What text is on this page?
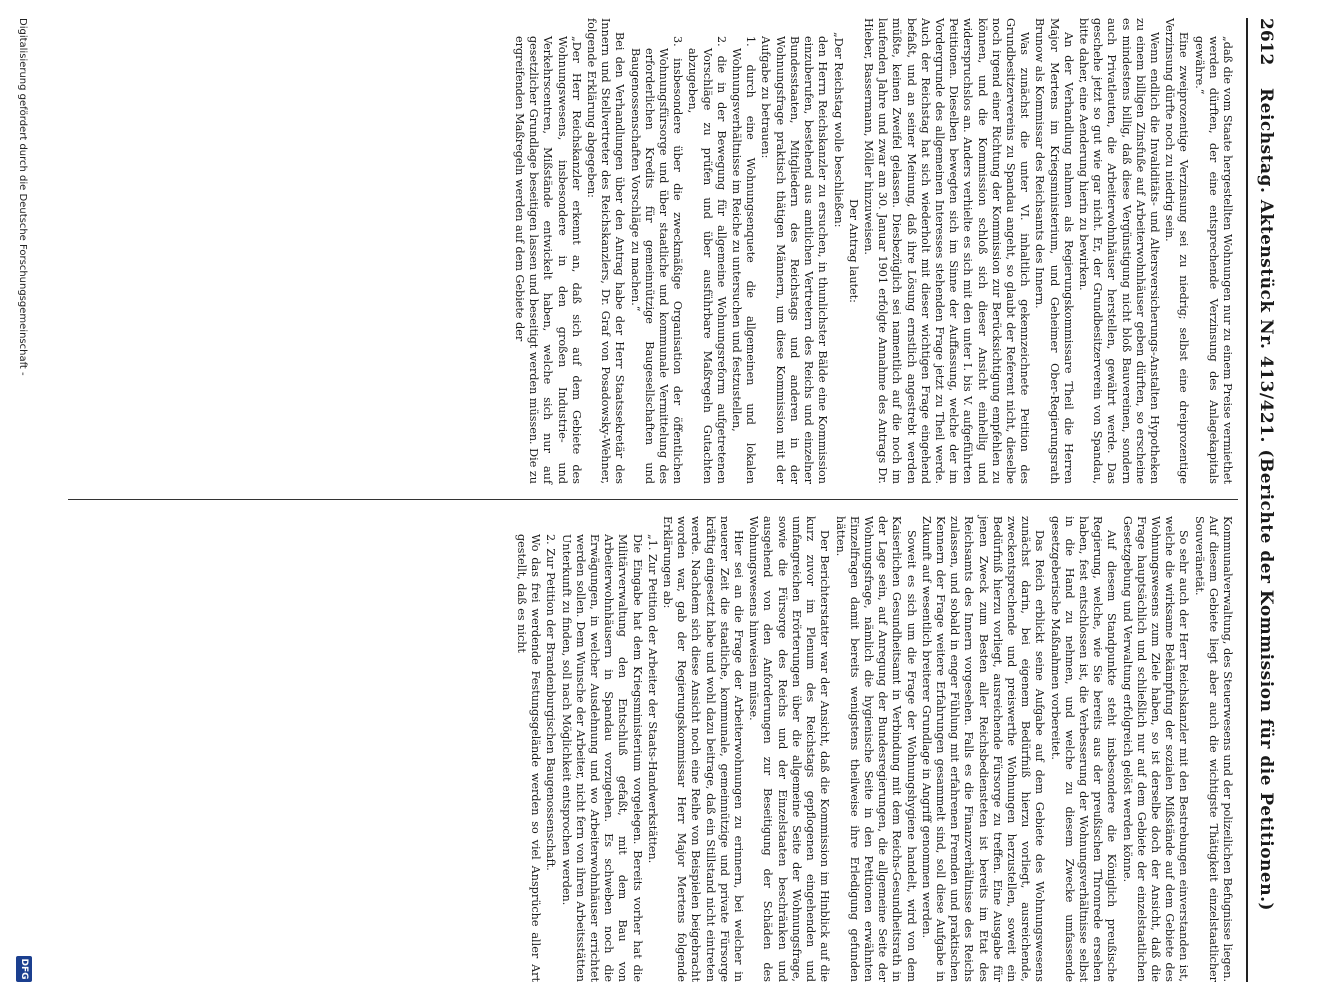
2612
Reichstag. Aktenstück Nr. 413/421. (Berichte der Kommission für die Petitionen.)

„daß die vom Staate hergestellten Wohnungen nur zu einem Preise vermiethet werden dürften, der eine entsprechende Verzinsung des Anlagekapitals gewähre.“

Eine zweiprozentige Verzinsung sei zu niedrig; selbst eine dreiprozentige Verzinsung dürfte noch zu niedrig sein.

Wenn endlich die Invaliditäts- und Altersversicherungs-Anstalten Hypotheken zu einem billigen Zinsfuße auf Arbeiterwohnhäuser geben dürften, so erscheine es mindestens billig, daß diese Vergünstigung nicht bloß Bauvereinen, sondern auch Privatleuten, die Arbeiterwohnhäuser herstellen, gewährt werde. Das geschehe jetzt so gut wie gar nicht. Er, der Grundbesitzerverein von Spandau, bitte daher, eine Aenderung hierin zu bewirken.

An der Verhandlung nahmen als Regierungskommissare Theil die Herren Major Mertens im Kriegsministerium, und Geheimer Ober-Regierungsrath Brunow als Kommissar des Reichsamts des Innern.

Was zunächst die unter VI. inhaltlich gekennzeichnete Petition des Grundbesitzervereins zu Spandau angeht, so glaubt der Referent nicht, dieselbe noch irgend einer Richtung der Kommission zur Berücksichtigung empfehlen zu können, und die Kommission schloß sich dieser Ansicht einhellig und widerspruchslos an. Anders verhielte es sich mit den unter I. bis V. aufgeführten Petitionen. Dieselben bewegten sich im Sinne der Auffassung, welche der im Vordergrunde des allgemeinen Interesses stehenden Frage jetzt zu Theil werde. Auch der Reichstag hat sich wiederholt mit dieser wichtigen Frage eingehend befaßt, und an seiner Meinung, daß ihre Lösung ernstlich angestrebt werden müßte, keinen Zweifel gelassen. Diesbezüglich sei namentlich auf die noch im laufenden Jahre und zwar am 30. Januar 1901 erfolgte Annahme des Antrags Dr. Hieber, Bassermann, Möller hinzuweisen.

Der Antrag lautet:

„Der Reichstag wolle beschließen:

den Herrn Reichskanzler zu ersuchen, in thunlichster Bälde eine Kommission einzuberufen, bestehend aus amtlichen Vertretern des Reichs und einzelner Bundesstaaten, Mitgliedern des Reichstags und anderen in der Wohnungsfrage praktisch thätigen Männern, um diese Kommission mit der Aufgabe zu betrauen:

1. durch eine Wohnungsenquete die allgemeinen und lokalen Wohnungsverhältnisse im Reiche zu untersuchen und festzustellen,

2. die in der Bewegung für allgemeine Wohnungsreform aufgetretenen Vorschläge zu prüfen und über ausführbare Maßregeln Gutachten abzugeben,

3. insbesondere über die zweckmäßige Organisation der öffentlichen Wohnungsfürsorge und über staatliche und kommunale Vermittelung des erforderlichen Kredits für gemeinnützige Baugesellschaften und Baugenossenschaften Vorschläge zu machen.“

Bei den Verhandlungen über den Antrag habe der Herr Staatssekretär des Innern und Stellvertreter des Reichskanzlers, Dr. Graf von Posadowsky-Wehner, folgende Erklärung abgegeben:

„Der Herr Reichskanzler erkennt an, daß sich auf dem Gebiete des Wohnungswesens, insbesondere in den großen Industrie- und Verkehrscentren, Mißstände entwickelt haben, welche sich nur auf gesetzlicher Grundlage beseitigen lassen und beseitigt werden müssen. Die zu ergreifenden Maßregeln werden auf dem Gebiete der

Kommunalverwaltung, des Steuerwesens und der polizeilichen Befugnisse liegen. Auf diesem Gebiete liegt aber auch die wichtigste Thätigkeit einzelstaatlicher Souveränetät.

So sehr auch der Herr Reichskanzler mit den Bestrebungen einverstanden ist, welche die wirksame Bekämpfung der sozialen Mißstände auf dem Gebiete des Wohnungswesens zum Ziele haben, so ist derselbe doch der Ansicht, daß die Frage hauptsächlich und schließlich nur auf dem Gebiete der einzelstaatlichen Gesetzgebung und Verwaltung erfolgreich gelöst werden könne.

Auf diesem Standpunkte steht insbesondere die Königlich preußische Regierung, welche, wie Sie bereits aus der preußischen Thronrede ersehen haben, fest entschlossen ist, die Verbesserung der Wohnungsverhältnisse selbst in die Hand zu nehmen, und welche zu diesem Zwecke umfassende gesetzgeberische Maßnahmen vorbereitet.

Das Reich erblickt seine Aufgabe auf dem Gebiete des Wohnungswesens zunächst darin, bei eigenem Bedürfniß hierzu vorliegt, ausreichende, zweckentsprechende und preiswerthe Wohnungen herzustellen, soweit ein Bedürfniß hierzu vorliegt, ausreichende Fürsorge zu treffen. Eine Ausgabe für jenen Zweck zum Besten aller Reichsbediensteten ist bereits im Etat des Reichsamts des Innern vorgesehen. Falls es die Finanzverhältnisse des Reichs zulassen, und sobald in enger Fühlung mit erfahrenen Fremden und praktischen Kennern der Frage weitere Erfahrungen gesammelt sind, soll diese Aufgabe in Zukunft auf wesentlich breiterer Grundlage in Angriff genommen werden.

Soweit es sich um die Frage der Wohnungshygiene handelt, wird von dem Kaiserlichen Gesundheitsamt in Verbindung mit dem Reichs-Gesundheitsrath in der Lage sein, auf Anregung der Bundesregierungen, die allgemeine Seite der Wohnungsfrage, nämlich die hygienische Seite in den Petitionen erwähnten Einzelfragen damit bereits wenigstens theilweise ihre Erledigung gefunden hätten.

Der Berichterstatter war der Ansicht, daß die Kommission im Hinblick auf die kurz zuvor im Plenum des Reichstags gepflogenen eingehenden und umfangreichen Erörterungen über die allgemeine Seite der Wohnungsfrage, sowie die Fürsorge des Reichs und der Einzelstaaten beschränken und ausgehend von den Anforderungen zur Beseitigung der Schäden des Wohnungswesens hinweisen müsse.

Hier sei an die Frage der Arbeiterwohnungen zu erinnern, bei welcher in neuerer Zeit die staatliche, kommunale, gemeinnützige und private Fürsorge kräftig eingesetzt habe und wohl dazu beitrage, daß ein Stillstand nicht eintreten werde. Nachdem sich diese Ansicht noch eine Reihe von Beispielen beigebracht worden war, gab der Regierungskommissar Herr Major Mertens folgende Erklärungen ab:

„1. Zur Petition der Arbeiter der Staats-Handwerkstätten.

Die Eingabe hat dem Kriegsministerium vorgelegen. Bereits vorher hat die Militärverwaltung den Entschluß gefaßt, mit dem Bau von Arbeiterwohnhäusern in Spandau vorzugehen. Es schweben noch die Erwägungen, in welcher Ausdehnung und wo Arbeiterwohnhäuser errichtet werden sollen. Dem Wunsche der Arbeiter, nicht fern von ihren Arbeitsstätten Unterkunft zu finden, soll nach Möglichkeit entsprochen werden.

2. Zur Petition der Brandenburgischen Baugenossenschaft.

Wo das frei werdende Festungsgelände werden so viel Ansprüche aller Art gestellt, daß es nicht

Digitalisierung gefördert durch die Deutsche Forschungsgemeinschaft -
DFG
